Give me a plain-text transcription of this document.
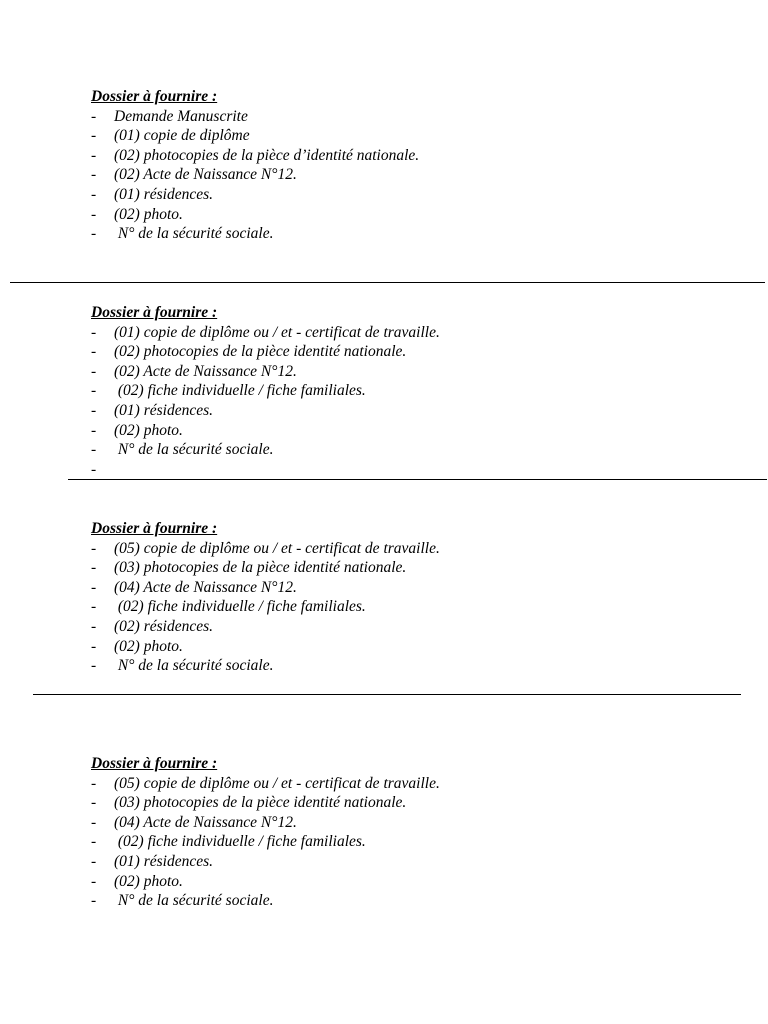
Dossier à fournire :
- Demande Manuscrite
- (01) copie de diplôme
- (02) photocopies de la pièce d’identité nationale.
- (02) Acte de Naissance N°12.
- (01) résidences.
- (02) photo.
- N° de la sécurité sociale.
Dossier à fournire :
- (01) copie de diplôme ou / et - certificat de travaille.
- (02) photocopies de la pièce identité nationale.
- (02) Acte de Naissance N°12.
- (02) fiche individuelle / fiche familiales.
- (01) résidences.
- (02) photo.
- N° de la sécurité sociale.
-
Dossier à fournire :
- (05) copie de diplôme ou / et - certificat de travaille.
- (03) photocopies de la pièce identité nationale.
- (04) Acte de Naissance N°12.
- (02) fiche individuelle / fiche familiales.
- (02) résidences.
- (02) photo.
- N° de la sécurité sociale.
Dossier à fournire :
- (05) copie de diplôme ou / et - certificat de travaille.
- (03) photocopies de la pièce identité nationale.
- (04) Acte de Naissance N°12.
- (02) fiche individuelle / fiche familiales.
- (01) résidences.
- (02) photo.
- N° de la sécurité sociale.
